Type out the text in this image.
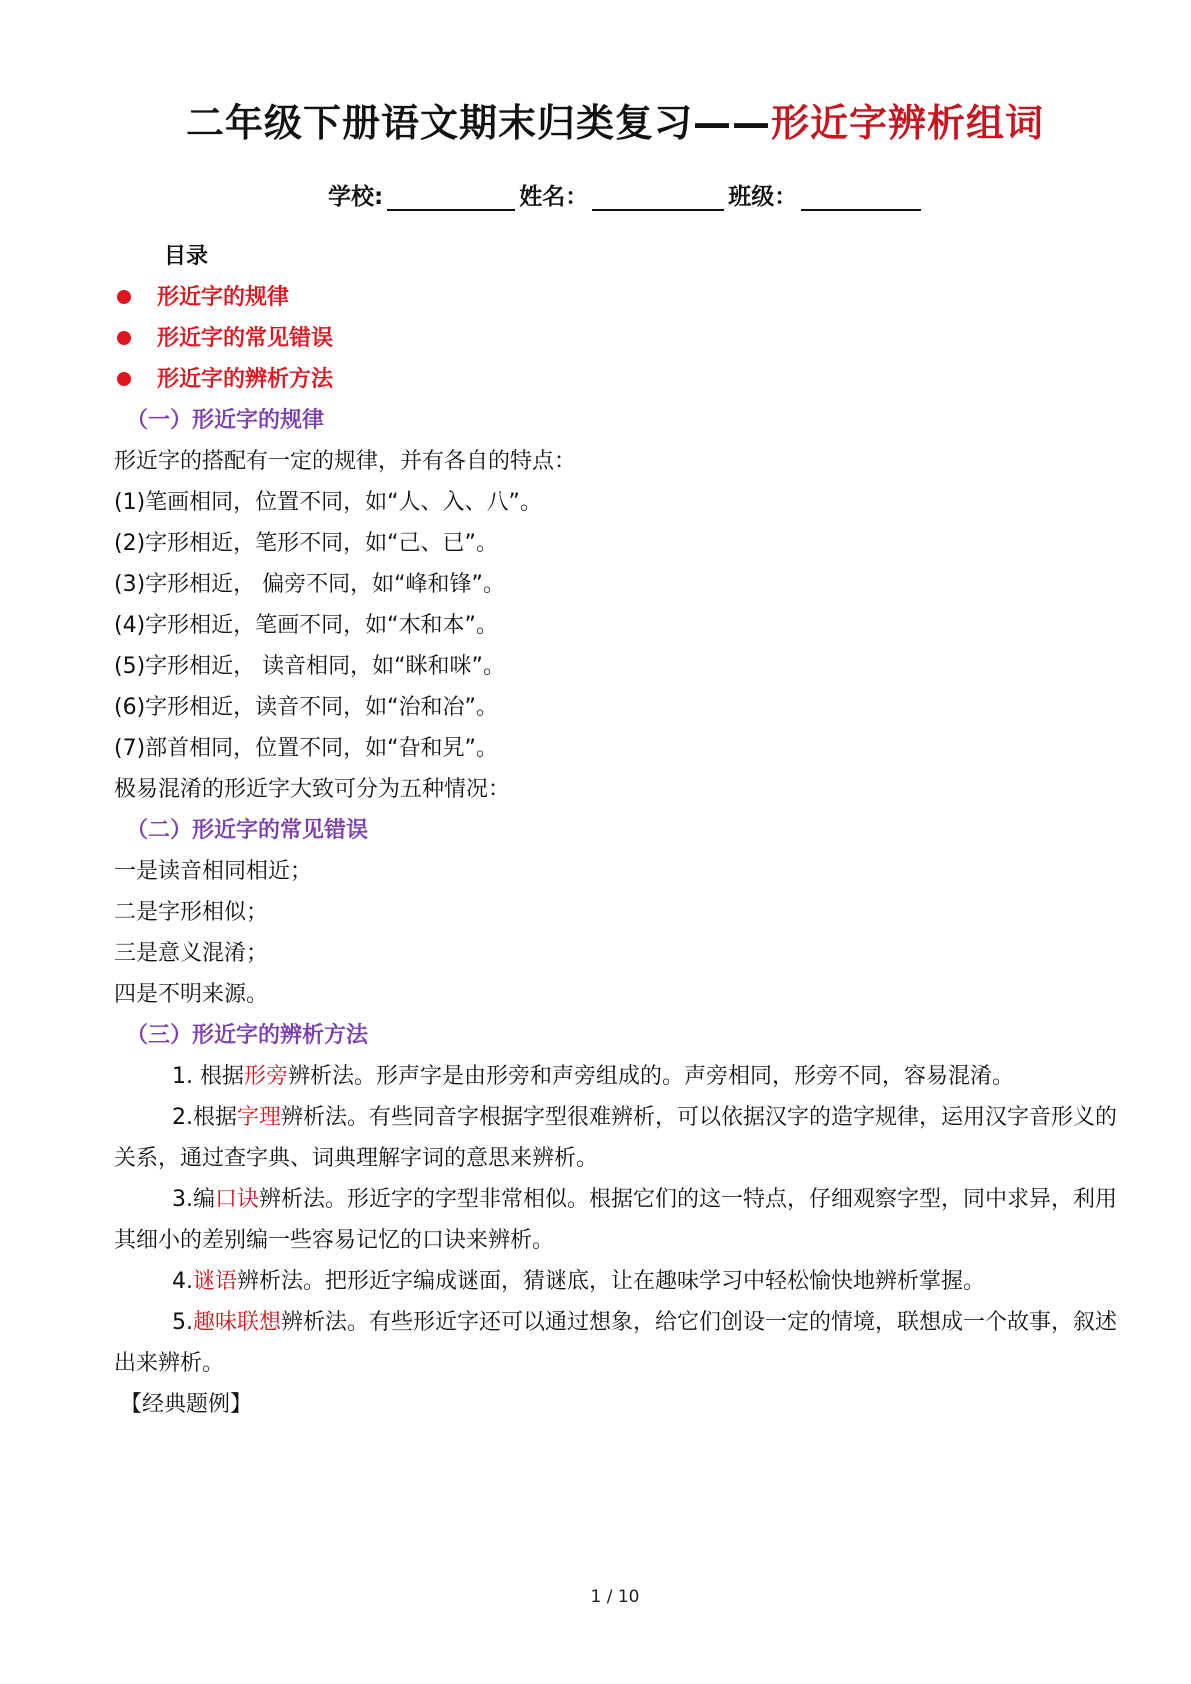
二年级下册语文期末归类复习——形近字辨析组词
学校:	姓名：	班级：
目录
形近字的规律
形近字的常见错误
形近字的辨析方法
（一）形近字的规律
形近字的搭配有一定的规律，并有各自的特点：
(1)笔画相同，位置不同，如“人、入、八”。
(2)字形相近，笔形不同，如“己、已”。
(3)字形相近， 偏旁不同，如“峰和锋”。
(4)字形相近，笔画不同，如“木和本”。
(5)字形相近， 读音相同，如“眯和咪”。
(6)字形相近，读音不同，如“治和冶”。
(7)部首相同，位置不同，如“旮和旯”。
极易混淆的形近字大致可分为五种情况：
（二）形近字的常见错误
一是读音相同相近；
二是字形相似；
三是意义混淆；
四是不明来源。
（三）形近字的辨析方法
1. 根据形旁辨析法。形声字是由形旁和声旁组成的。声旁相同，形旁不同，容易混淆。
2.根据字理辨析法。有些同音字根据字型很难辨析，可以依据汉字的造字规律，运用汉字音形义的关系，通过查字典、词典理解字词的意思来辨析。
3.编口诀辨析法。形近字的字型非常相似。根据它们的这一特点，仔细观察字型，同中求异，利用其细小的差别编一些容易记忆的口诀来辨析。
4.谜语辨析法。把形近字编成谜面，猜谜底，让在趣味学习中轻松愉快地辨析掌握。
5.趣味联想辨析法。有些形近字还可以通过想象，给它们创设一定的情境，联想成一个故事，叙述出来辨析。
【经典题例】
1 / 10
